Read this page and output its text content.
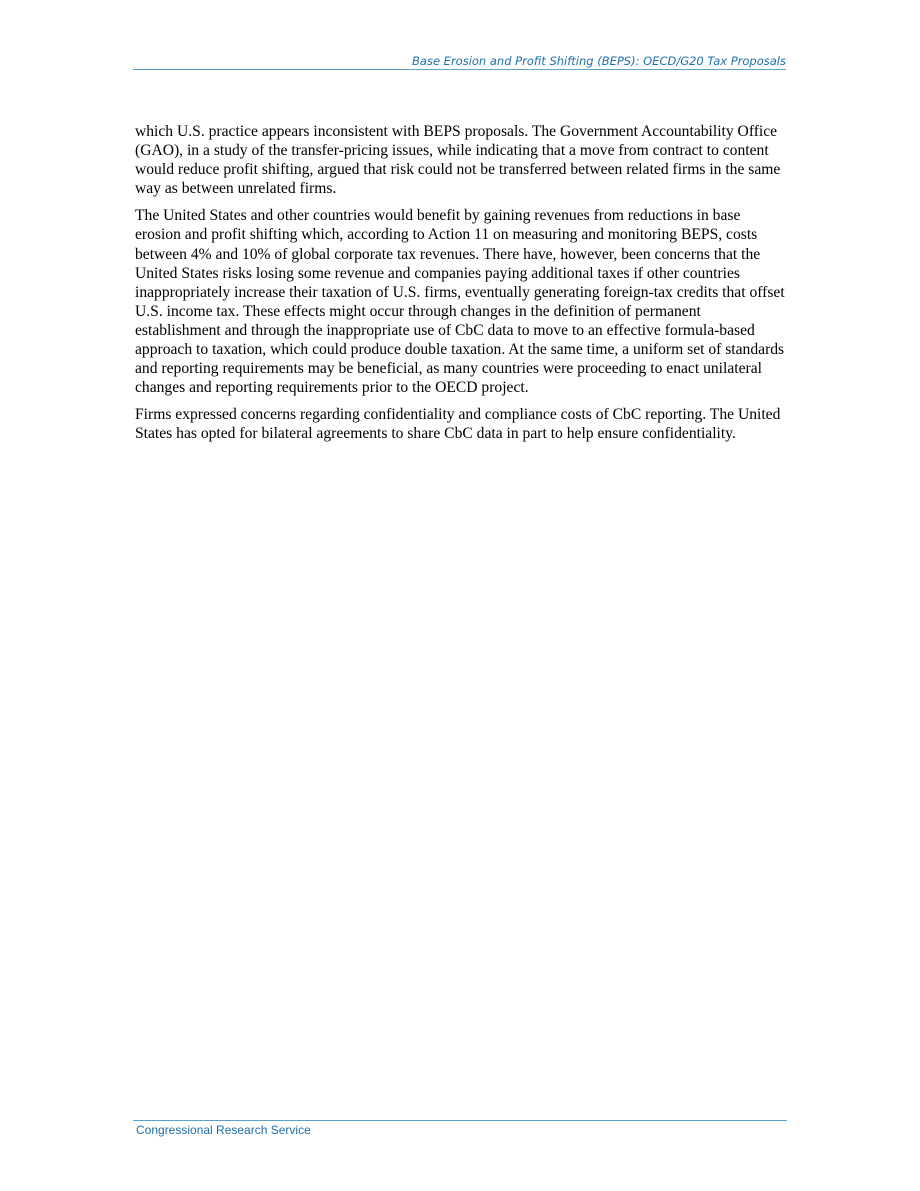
Base Erosion and Profit Shifting (BEPS): OECD/G20 Tax Proposals

which U.S. practice appears inconsistent with BEPS proposals. The Government Accountability Office (GAO), in a study of the transfer-pricing issues, while indicating that a move from contract to content would reduce profit shifting, argued that risk could not be transferred between related firms in the same way as between unrelated firms.

The United States and other countries would benefit by gaining revenues from reductions in base erosion and profit shifting which, according to Action 11 on measuring and monitoring BEPS, costs between 4% and 10% of global corporate tax revenues. There have, however, been concerns that the United States risks losing some revenue and companies paying additional taxes if other countries inappropriately increase their taxation of U.S. firms, eventually generating foreign-tax credits that offset U.S. income tax. These effects might occur through changes in the definition of permanent establishment and through the inappropriate use of CbC data to move to an effective formula-based approach to taxation, which could produce double taxation. At the same time, a uniform set of standards and reporting requirements may be beneficial, as many countries were proceeding to enact unilateral changes and reporting requirements prior to the OECD project.

Firms expressed concerns regarding confidentiality and compliance costs of CbC reporting. The United States has opted for bilateral agreements to share CbC data in part to help ensure confidentiality.

Congressional Research Service
